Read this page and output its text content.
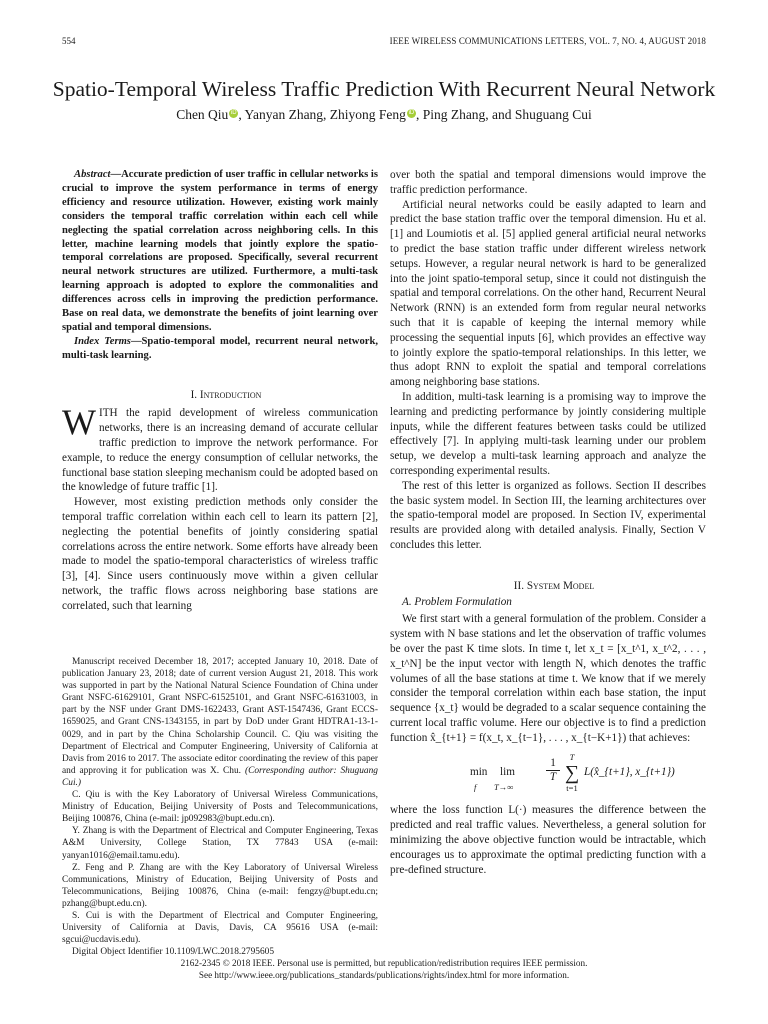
554	IEEE WIRELESS COMMUNICATIONS LETTERS, VOL. 7, NO. 4, AUGUST 2018
Spatio-Temporal Wireless Traffic Prediction With Recurrent Neural Network
Chen Qiu iD , Yanyan Zhang, Zhiyong Feng iD , Ping Zhang, and Shuguang Cui

Abstract—Accurate prediction of user traffic in cellular networks is crucial to improve the system performance in terms of energy efficiency and resource utilization. However, existing work mainly considers the temporal traffic correlation within each cell while neglecting the spatial correlation across neighboring cells. In this letter, machine learning models that jointly explore the spatio-temporal correlations are proposed. Specifically, several recurrent neural network structures are utilized. Furthermore, a multi-task learning approach is adopted to explore the commonalities and differences across cells in improving the prediction performance. Base on real data, we demonstrate the benefits of joint learning over spatial and temporal dimensions.

Index Terms—Spatio-temporal model, recurrent neural network, multi-task learning.

I. Introduction

WITH the rapid development of wireless communication networks, there is an increasing demand of accurate cellular traffic prediction to improve the network performance. For example, to reduce the energy consumption of cellular networks, the functional base station sleeping mechanism could be adopted based on the knowledge of future traffic [1].

However, most existing prediction methods only consider the temporal traffic correlation within each cell to learn its pattern [2], neglecting the potential benefits of jointly considering spatial correlations across the entire network. Some efforts have already been made to model the spatio-temporal characteristics of wireless traffic [3], [4]. Since users continuously move within a given cellular network, the traffic flows across neighboring base stations are correlated, such that learning

Manuscript received December 18, 2017; accepted January 10, 2018. Date of publication January 23, 2018; date of current version August 21, 2018. This work was supported in part by the National Natural Science Foundation of China under Grant NSFC-61629101, Grant NSFC-61525101, and Grant NSFC-61631003, in part by the NSF under Grant DMS-1622433, Grant AST-1547436, Grant ECCS-1659025, and Grant CNS-1343155, in part by DoD under Grant HDTRA1-13-1-0029, and in part by the China Scholarship Council. C. Qiu was visiting the Department of Electrical and Computer Engineering, University of California at Davis from 2016 to 2017. The associate editor coordinating the review of this paper and approving it for publication was X. Chu. (Corresponding author: Shuguang Cui.)

C. Qiu is with the Key Laboratory of Universal Wireless Communications, Ministry of Education, Beijing University of Posts and Telecommunications, Beijing 100876, China (e-mail: jp092983@bupt.edu.cn).

Y. Zhang is with the Department of Electrical and Computer Engineering, Texas A&M University, College Station, TX 77843 USA (e-mail: yanyan1016@email.tamu.edu).

Z. Feng and P. Zhang are with the Key Laboratory of Universal Wireless Communications, Ministry of Education, Beijing University of Posts and Telecommunications, Beijing 100876, China (e-mail: fengzy@bupt.edu.cn; pzhang@bupt.edu.cn).

S. Cui is with the Department of Electrical and Computer Engineering, University of California at Davis, Davis, CA 95616 USA (e-mail: sgcui@ucdavis.edu).

Digital Object Identifier 10.1109/LWC.2018.2795605

over both the spatial and temporal dimensions would improve the traffic prediction performance.

Artificial neural networks could be easily adapted to learn and predict the base station traffic over the temporal dimension. Hu et al. [1] and Loumiotis et al. [5] applied general artificial neural networks to predict the base station traffic under different wireless network setups. However, a regular neural network is hard to be generalized into the joint spatio-temporal setup, since it could not distinguish the spatial and temporal correlations. On the other hand, Recurrent Neural Network (RNN) is an extended form from regular neural networks such that it is capable of keeping the internal memory while processing the sequential inputs [6], which provides an effective way to jointly explore the spatio-temporal relationships. In this letter, we thus adopt RNN to exploit the spatial and temporal correlations among neighboring base stations.

In addition, multi-task learning is a promising way to improve the learning and predicting performance by jointly considering multiple inputs, while the different features between tasks could be utilized effectively [7]. In applying multi-task learning under our problem setup, we develop a multi-task learning approach and analyze the corresponding experimental results.

The rest of this letter is organized as follows. Section II describes the basic system model. In Section III, the learning architectures over the spatio-temporal model are proposed. In Section IV, experimental results are provided along with detailed analysis. Finally, Section V concludes this letter.

II. System Model

A. Problem Formulation

We first start with a general formulation of the problem. Consider a system with N base stations and let the observation of traffic volumes be over the past K time slots. In time t, let x_t = [x_t^1, x_t^2, . . . , x_t^N] be the input vector with length N, which denotes the traffic volumes of all the base stations at time t. We know that if we merely consider the temporal correlation within each base station, the input sequence {x_t} would be degraded to a scalar sequence containing the current local traffic volume. Here our objective is to find a prediction function x̂_{t+1} = f(x_t, x_{t−1}, . . . , x_{t−K+1}) that achieves:

min
f
lim
T→∞
$\frac{1}{T}$	T
∑
t=1
L(x̂_{t+1}, x_{t+1})

where the loss function L(·) measures the difference between the predicted and real traffic values. Nevertheless, a general solution for minimizing the above objective function would be intractable, which encourages us to approximate the optimal predicting function with a pre-defined structure.

2162-2345 © 2018 IEEE. Personal use is permitted, but republication/redistribution requires IEEE permission.
See http://www.ieee.org/publications_standards/publications/rights/index.html for more information.
